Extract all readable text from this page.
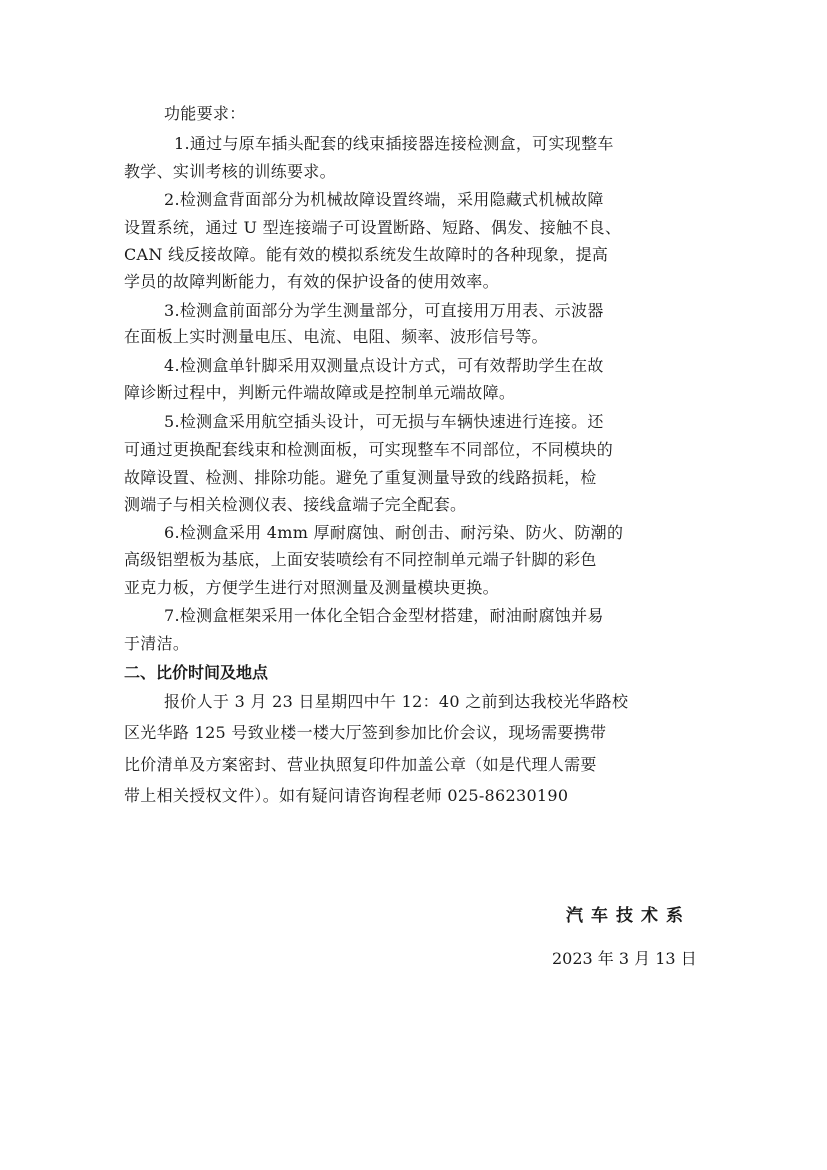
功能要求：
1.通过与原车插头配套的线束插接器连接检测盒，可实现整车
教学、实训考核的训练要求。
2.检测盒背面部分为机械故障设置终端，采用隐藏式机械故障
设置系统，通过 U 型连接端子可设置断路、短路、偶发、接触不良、
CAN 线反接故障。能有效的模拟系统发生故障时的各种现象，提高
学员的故障判断能力，有效的保护设备的使用效率。
3.检测盒前面部分为学生测量部分，可直接用万用表、示波器
在面板上实时测量电压、电流、电阻、频率、波形信号等。
4.检测盒单针脚采用双测量点设计方式，可有效帮助学生在故
障诊断过程中，判断元件端故障或是控制单元端故障。
5.检测盒采用航空插头设计，可无损与车辆快速进行连接。还
可通过更换配套线束和检测面板，可实现整车不同部位，不同模块的
故障设置、检测、排除功能。避免了重复测量导致的线路损耗，检
测端子与相关检测仪表、接线盒端子完全配套。
6.检测盒采用 4mm 厚耐腐蚀、耐创击、耐污染、防火、防潮的
高级铝塑板为基底，上面安装喷绘有不同控制单元端子针脚的彩色
亚克力板，方便学生进行对照测量及测量模块更换。
7.检测盒框架采用一体化全铝合金型材搭建，耐油耐腐蚀并易
于清洁。
二、比价时间及地点
报价人于 3 月 23 日星期四中午 12：40 之前到达我校光华路校
区光华路 125 号致业楼一楼大厅签到参加比价会议，现场需要携带
比价清单及方案密封、营业执照复印件加盖公章（如是代理人需要
带上相关授权文件）。如有疑问请咨询程老师 025-86230190
汽车技术系
2023 年 3 月 13 日
